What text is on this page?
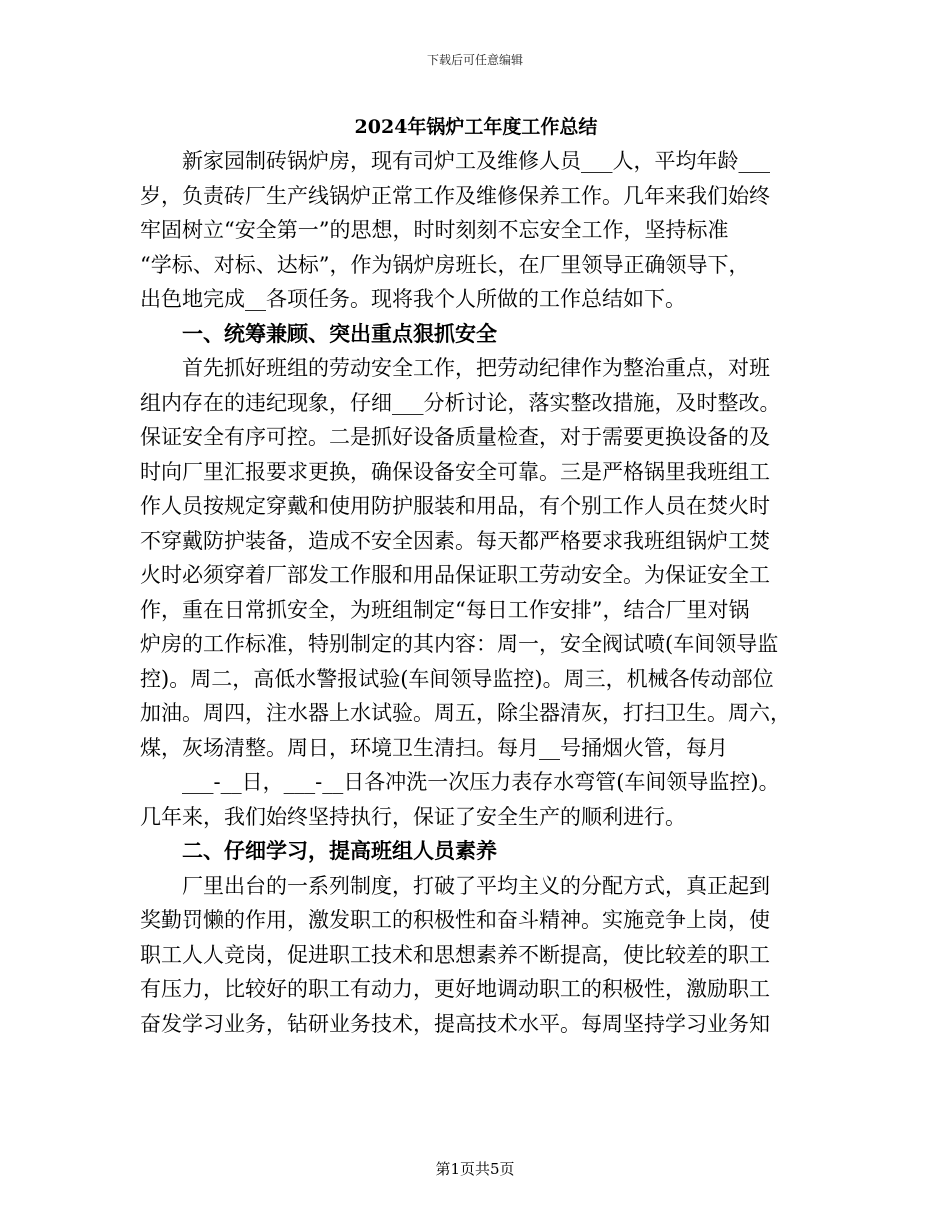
下载后可任意编辑
2024年锅炉工年度工作总结
新家园制砖锅炉房，现有司炉工及维修人员___人，平均年龄___
岁，负责砖厂生产线锅炉正常工作及维修保养工作。几年来我们始终
牢固树立“安全第一”的思想，时时刻刻不忘安全工作，坚持标准
“学标、对标、达标”，作为锅炉房班长，在厂里领导正确领导下，
出色地完成__各项任务。现将我个人所做的工作总结如下。
一、统筹兼顾、突出重点狠抓安全
首先抓好班组的劳动安全工作，把劳动纪律作为整治重点，对班
组内存在的违纪现象，仔细___分析讨论，落实整改措施，及时整改。
保证安全有序可控。二是抓好设备质量检查，对于需要更换设备的及
时向厂里汇报要求更换，确保设备安全可靠。三是严格锅里我班组工
作人员按规定穿戴和使用防护服装和用品，有个别工作人员在焚火时
不穿戴防护装备，造成不安全因素。每天都严格要求我班组锅炉工焚
火时必须穿着厂部发工作服和用品保证职工劳动安全。为保证安全工
作，重在日常抓安全，为班组制定“每日工作安排”，结合厂里对锅
炉房的工作标准，特别制定的其内容：周一，安全阀试喷(车间领导监
控)。周二，高低水警报试验(车间领导监控)。周三，机械各传动部位
加油。周四，注水器上水试验。周五，除尘器清灰，打扫卫生。周六，
煤，灰场清整。周日，环境卫生清扫。每月__号捅烟火管，每月
___-__日，___-__日各冲洗一次压力表存水弯管(车间领导监控)。
几年来，我们始终坚持执行，保证了安全生产的顺利进行。
二、仔细学习，提高班组人员素养
厂里出台的一系列制度，打破了平均主义的分配方式，真正起到
奖勤罚懒的作用，激发职工的积极性和奋斗精神。实施竞争上岗，使
职工人人竞岗，促进职工技术和思想素养不断提高，使比较差的职工
有压力，比较好的职工有动力，更好地调动职工的积极性，激励职工
奋发学习业务，钻研业务技术，提高技术水平。每周坚持学习业务知
第1页共5页
